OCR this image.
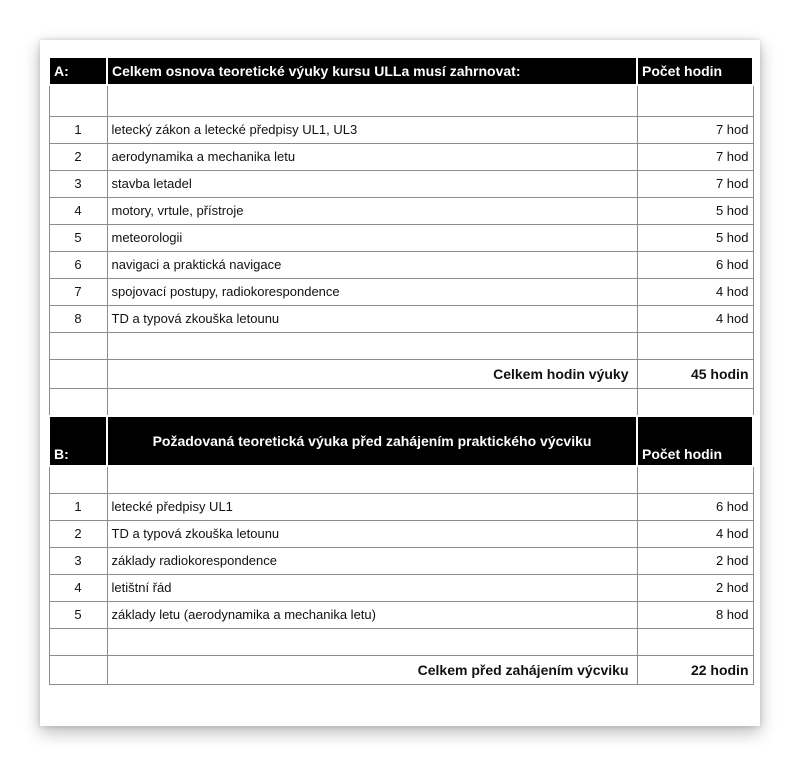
A:	Celkem osnova teoretické výuky kursu ULLa musí zahrnovat:	Počet hodin

1	letecký zákon a letecké předpisy UL1, UL3	7 hod
2	aerodynamika a mechanika letu	7 hod
3	stavba letadel	7 hod
4	motory, vrtule, přístroje	5 hod
5	meteorologii	5 hod
6	navigaci a praktická navigace	6 hod
7	spojovací postupy, radiokorespondence	4 hod
8	TD a typová zkouška letounu	4 hod

	Celkem hodin výuky	45 hodin

B:	Požadovaná teoretická výuka před zahájením praktického výcviku	Počet hodin

1	letecké předpisy UL1	6 hod
2	TD a typová zkouška letounu	4 hod
3	základy radiokorespondence	2 hod
4	letištní řád	2 hod
5	základy letu (aerodynamika a mechanika letu)	8 hod

	Celkem před zahájením výcviku	22 hodin
